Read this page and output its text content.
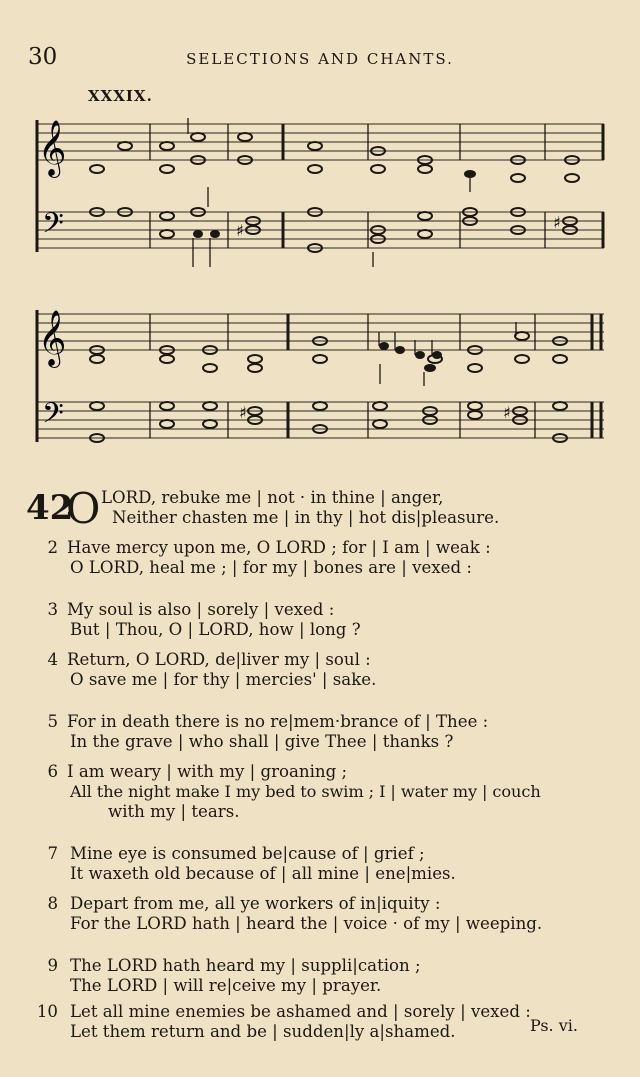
30	SELECTIONS AND CHANTS.
XXXIX.
𝄞
𝄢	♯	♯
𝄞
𝄢	♯	♯
42
O LORD, rebuke me | not · in thine | anger,
Neither chasten me | in thy | hot dis|pleasure.
2 Have mercy upon me, O LORD ; for | I am | weak :
O LORD, heal me ; | for my | bones are | vexed :
3 My soul is also | sorely | vexed :
But | Thou, O | LORD, how | long ?
4 Return, O LORD, de|liver my | soul :
O save me | for thy | mercies' | sake.
5 For in death there is no re|mem·brance of | Thee :
In the grave | who shall | give Thee | thanks ?
6 I am weary | with my | groaning ;
All the night make I my bed to swim ; I | water my | couch
with my | tears.
7 Mine eye is consumed be|cause of | grief ;
It waxeth old because of | all mine | ene|mies.
8 Depart from me, all ye workers of in|iquity :
For the LORD hath | heard the | voice · of my | weeping.
9 The LORD hath heard my | suppli|cation ;
The LORD | will re|ceive my | prayer.
10 Let all mine enemies be ashamed and | sorely | vexed :
Let them return and be | sudden|ly a|shamed.	Ps. vi.
